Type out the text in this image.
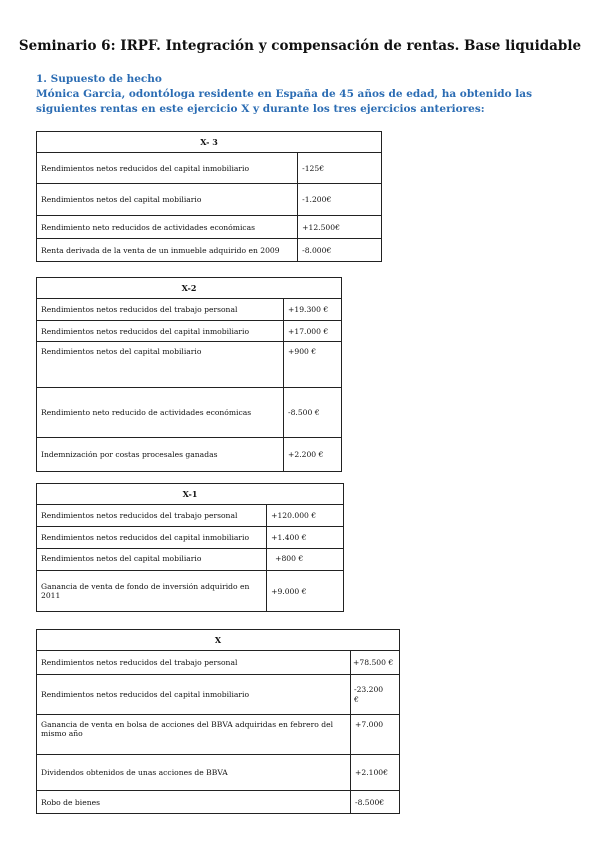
Seminario 6: IRPF. Integración y compensación de rentas. Base liquidable
1. Supuesto de hecho
Mónica Garcia, odontóloga residente en España de 45 años de edad, ha obtenido las siguientes rentas en este ejercicio X y durante los tres ejercicios anteriores:
X- 3	
Rendimientos netos reducidos del capital inmobiliario	-125€
Rendimientos netos del capital mobiliario	-1.200€
Rendimiento neto reducidos de actividades económicas	+12.500€
Renta derivada de la venta de un inmueble adquirido en 2009	-8.000€
X-2	
Rendimientos netos reducidos del trabajo personal	+19.300 €
Rendimientos netos reducidos del capital inmobiliario	+17.000 €
Rendimientos netos del capital mobiliario	+900 €
Rendimiento neto reducido de actividades económicas	-8.500 €
Indemnización por costas procesales ganadas	+2.200 €
X-1	
Rendimientos netos reducidos del trabajo personal	+120.000 €
Rendimientos netos reducidos del capital inmobiliario	+1.400 €
Rendimientos netos del capital mobiliario	+800 €
Ganancia de venta de fondo de inversión adquirido en 2011	+9.000 €
X	
Rendimientos netos reducidos del trabajo personal	+78.500 €
Rendimientos netos reducidos del capital inmobiliario	-23.200 €
Ganancia de venta en bolsa de acciones del BBVA adquiridas en febrero del mismo año	+7.000
Dividendos obtenidos de unas acciones de BBVA	+2.100€
Robo de bienes	-8.500€
